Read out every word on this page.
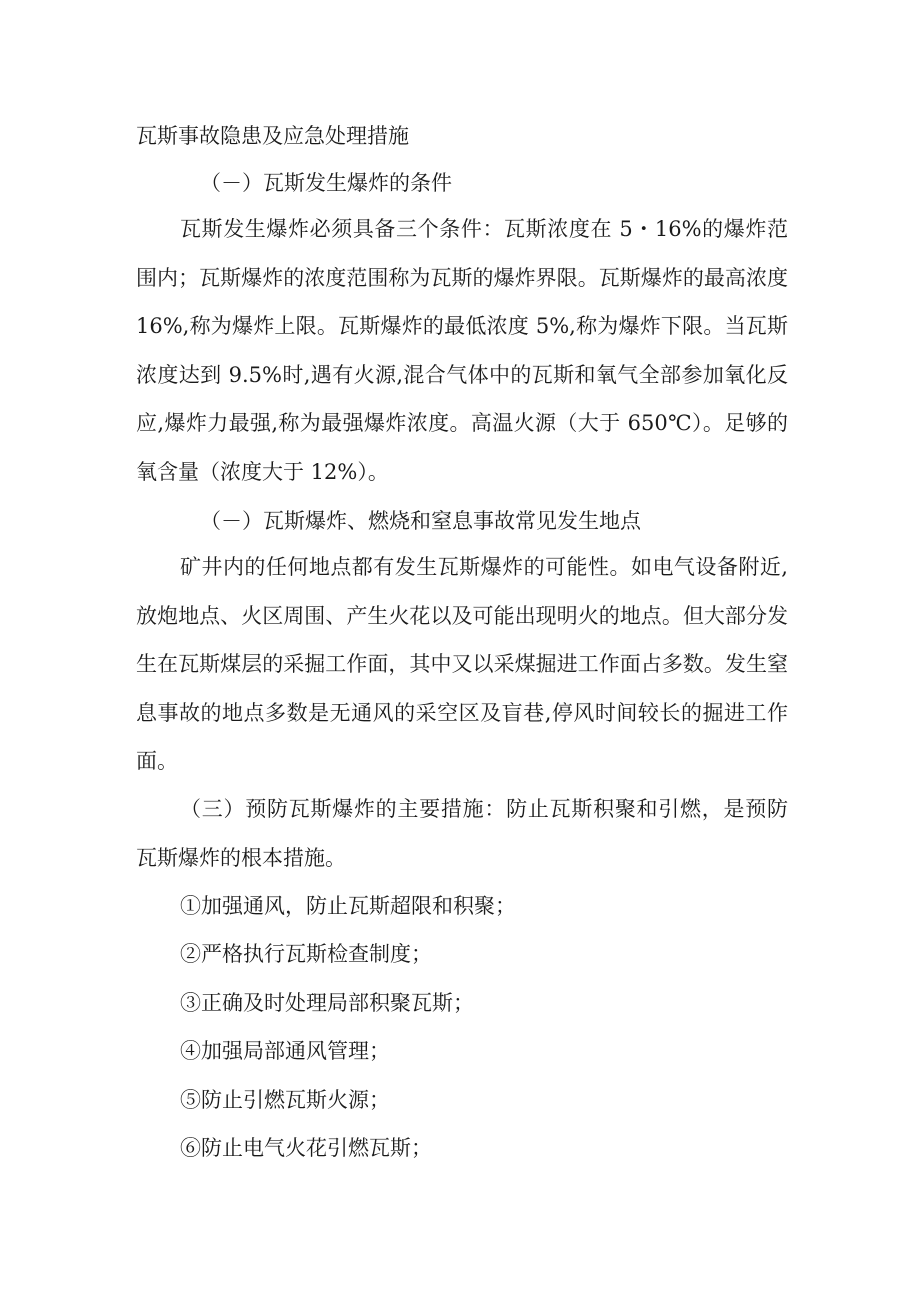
瓦斯事故隐患及应急处理措施
（－）瓦斯发生爆炸的条件
瓦斯发生爆炸必须具备三个条件：瓦斯浓度在 5・16%的爆炸范围内；瓦斯爆炸的浓度范围称为瓦斯的爆炸界限。瓦斯爆炸的最高浓度 16%,称为爆炸上限。瓦斯爆炸的最低浓度 5%,称为爆炸下限。当瓦斯浓度达到 9.5%时,遇有火源,混合气体中的瓦斯和氧气全部参加氧化反应,爆炸力最强,称为最强爆炸浓度。高温火源（大于 650℃）。足够的氧含量（浓度大于 12%）。
（－）瓦斯爆炸、燃烧和窒息事故常见发生地点
矿井内的任何地点都有发生瓦斯爆炸的可能性。如电气设备附近,放炮地点、火区周围、产生火花以及可能出现明火的地点。但大部分发生在瓦斯煤层的采掘工作面，其中又以采煤掘进工作面占多数。发生窒息事故的地点多数是无通风的采空区及盲巷,停风时间较长的掘进工作面。
（三）预防瓦斯爆炸的主要措施：防止瓦斯积聚和引燃，是预防瓦斯爆炸的根本措施。
①加强通风，防止瓦斯超限和积聚；
②严格执行瓦斯检查制度；
③正确及时处理局部积聚瓦斯；
④加强局部通风管理；
⑤防止引燃瓦斯火源；
⑥防止电气火花引燃瓦斯；
